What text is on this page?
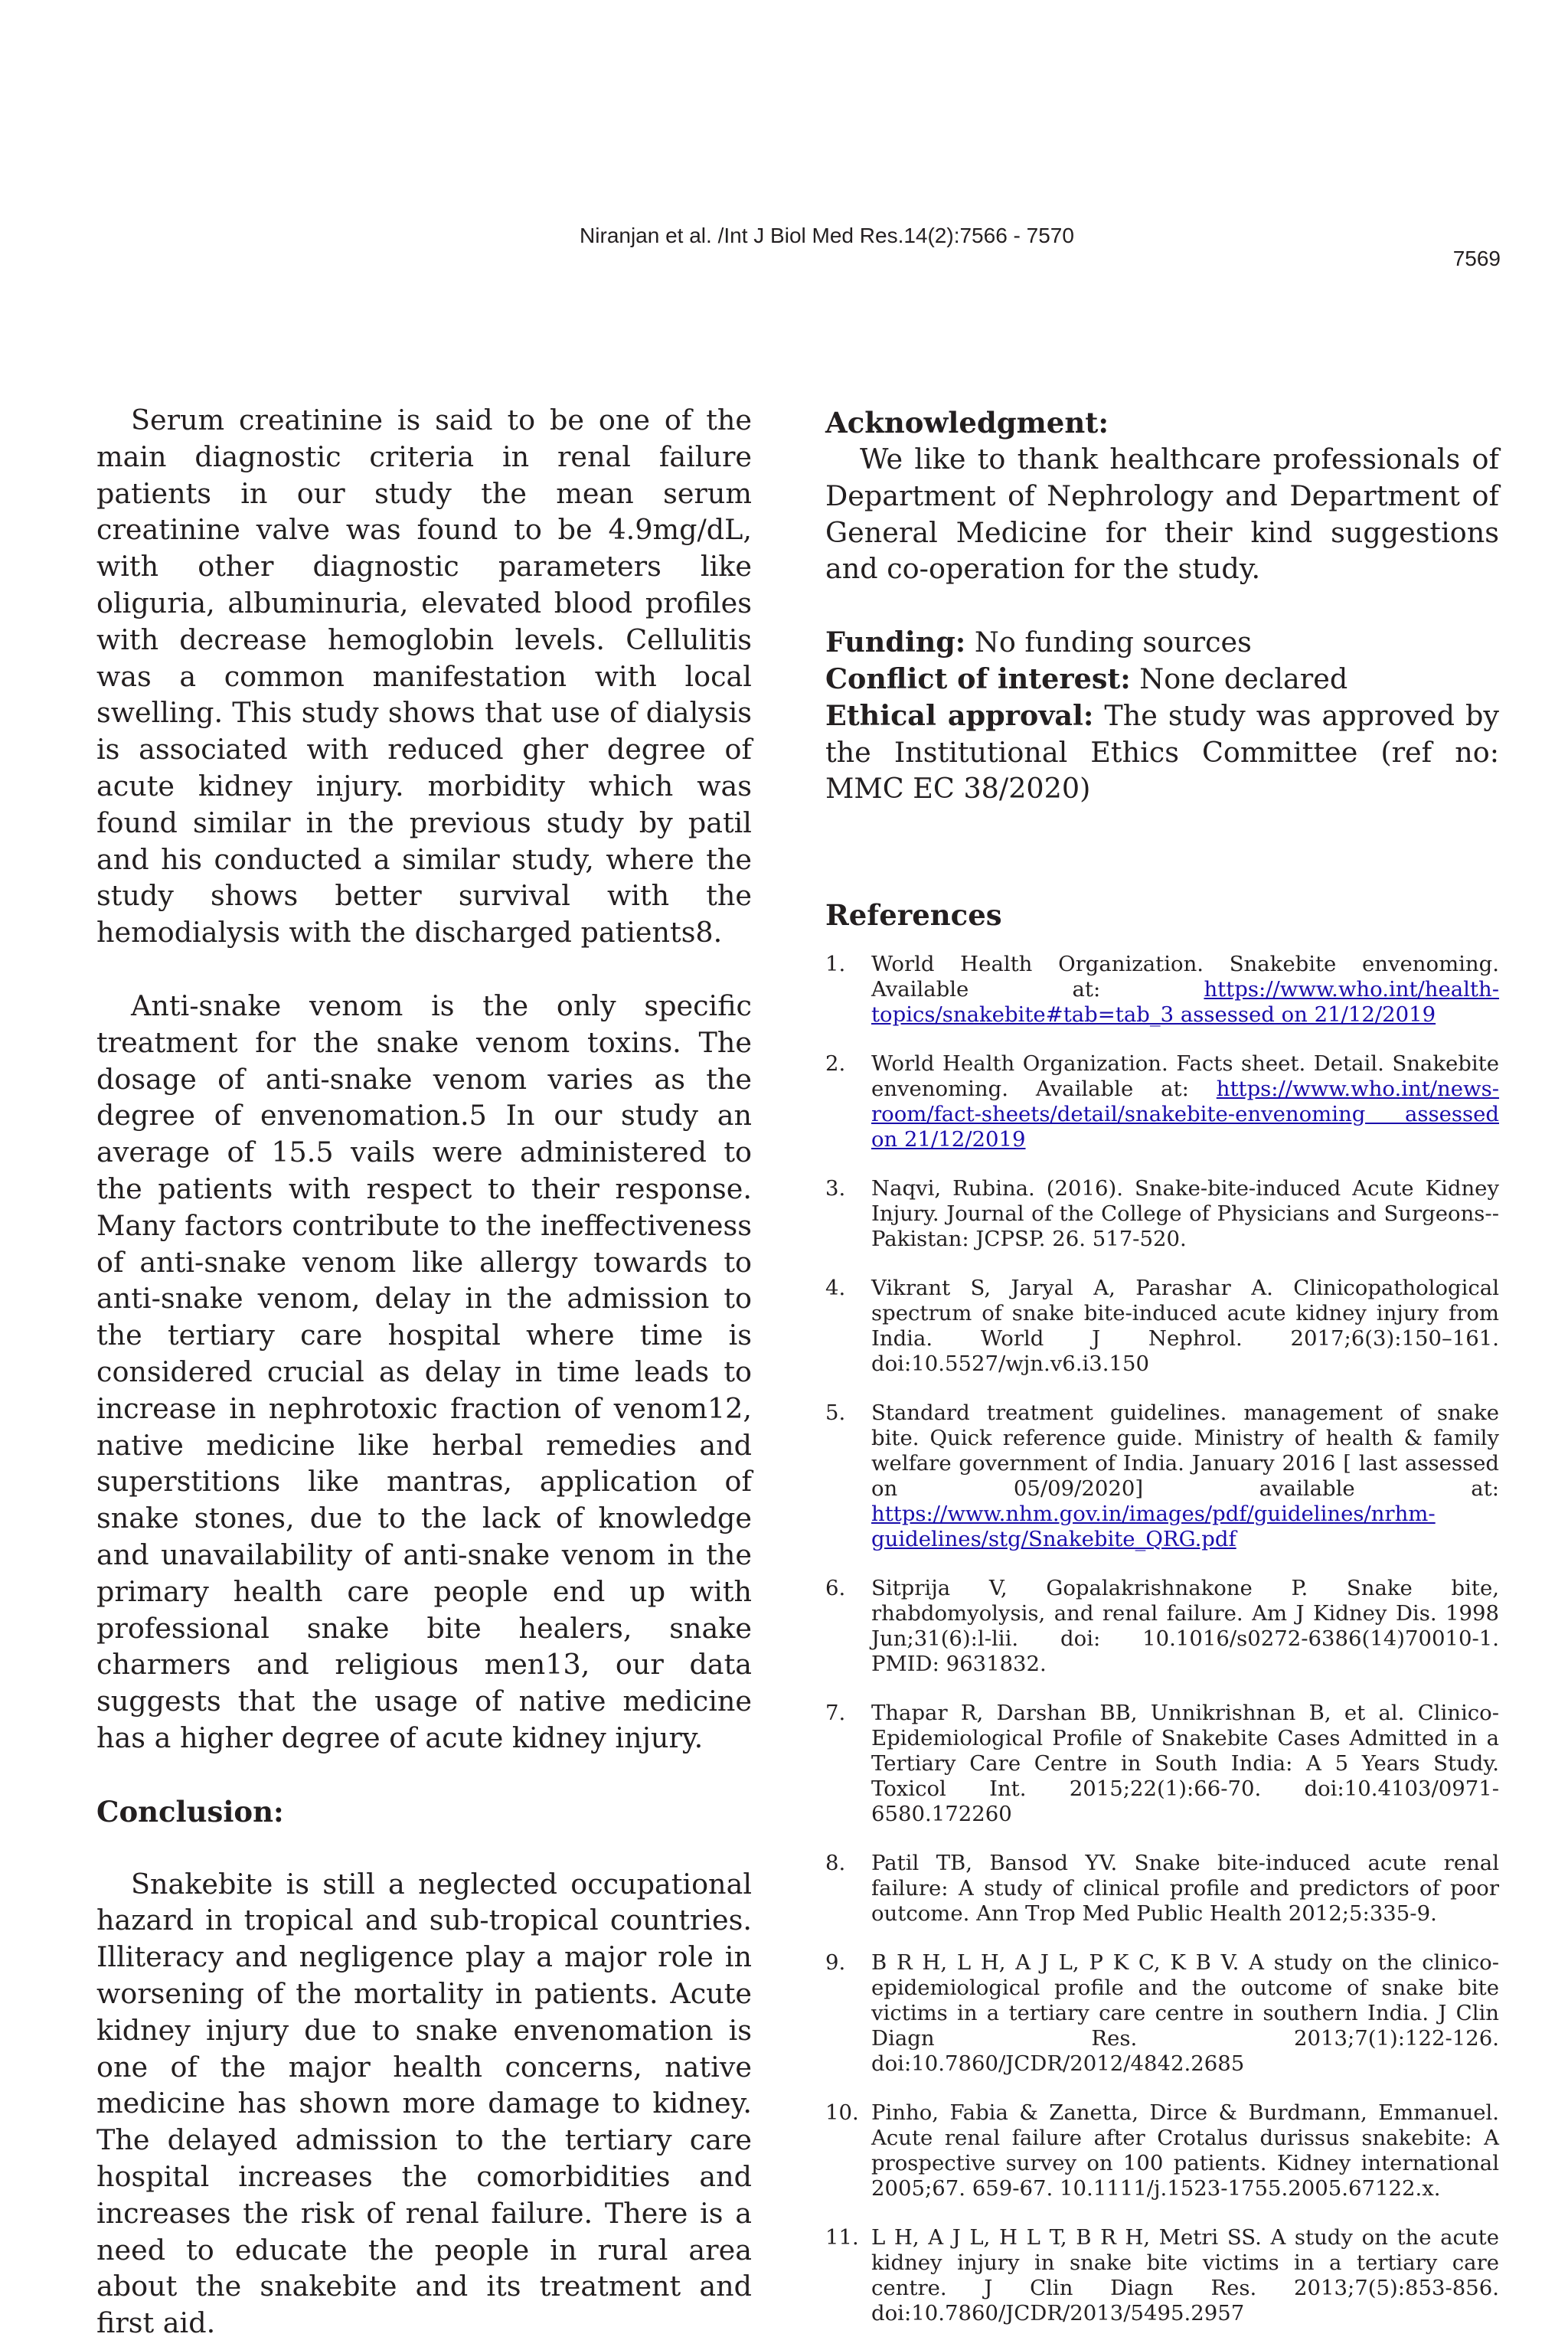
Niranjan et al. /Int J Biol Med Res.14(2):7566 - 7570
7569

Serum creatinine is said to be one of the main diagnostic criteria in renal failure patients in our study the mean serum creatinine valve was found to be 4.9mg/dL, with other diagnostic parameters like oliguria, albuminuria, elevated blood profiles with decrease hemoglobin levels. Cellulitis was a common manifestation with local swelling. This study shows that use of dialysis is associated with reduced gher degree of acute kidney injury. morbidity which was found similar in the previous study by patil and his conducted a similar study, where the study shows better survival with the hemodialysis with the discharged patients8.

Anti-snake venom is the only specific treatment for the snake venom toxins. The dosage of anti-snake venom varies as the degree of envenomation.5 In our study an average of 15.5 vails were administered to the patients with respect to their response. Many factors contribute to the ineffectiveness of anti-snake venom like allergy towards to anti-snake venom, delay in the admission to the tertiary care hospital where time is considered crucial as delay in time leads to increase in nephrotoxic fraction of venom12, native medicine like herbal remedies and superstitions like mantras, application of snake stones, due to the lack of knowledge and unavailability of anti-snake venom in the primary health care people end up with professional snake bite healers, snake charmers and religious men13, our data suggests that the usage of native medicine has a higher degree of acute kidney injury.

Conclusion:

Snakebite is still a neglected occupational hazard in tropical and sub-tropical countries. Illiteracy and negligence play a major role in worsening of the mortality in patients. Acute kidney injury due to snake envenomation is one of the major health concerns, native medicine has shown more damage to kidney. The delayed admission to the tertiary care hospital increases the comorbidities and increases the risk of renal failure. There is a need to educate the people in rural area about the snakebite and its treatment and first aid.

Acknowledgment:

We like to thank healthcare professionals of Department of Nephrology and Department of General Medicine for their kind suggestions and co-operation for the study.

Funding: No funding sources

Conflict of interest: None declared

Ethical approval: The study was approved by the Institutional Ethics Committee (ref no: MMC EC 38/2020)

References
1. World Health Organization. Snakebite envenoming. Available at: https://www.who.int/health-topics/snakebite#tab=tab_3 assessed on 21/12/2019
2. World Health Organization. Facts sheet. Detail. Snakebite envenoming. Available at: https://www.who.int/news-room/fact-sheets/detail/snakebite-envenoming assessed on 21/12/2019
3. Naqvi, Rubina. (2016). Snake-bite-induced Acute Kidney Injury. Journal of the College of Physicians and Surgeons--Pakistan: JCPSP. 26. 517-520.
4. Vikrant S, Jaryal A, Parashar A. Clinicopathological spectrum of snake bite-induced acute kidney injury from India. World J Nephrol. 2017;6(3):150–161. doi:10.5527/wjn.v6.i3.150
5. Standard treatment guidelines. management of snake bite. Quick reference guide. Ministry of health & family welfare government of India. January 2016 [ last assessed on 05/09/2020] available at: https://www.nhm.gov.in/images/pdf/guidelines/nrhm-guidelines/stg/Snakebite_QRG.pdf
6. Sitprija V, Gopalakrishnakone P. Snake bite, rhabdomyolysis, and renal failure. Am J Kidney Dis. 1998 Jun;31(6):l-lii. doi: 10.1016/s0272-6386(14)70010-1. PMID: 9631832.
7. Thapar R, Darshan BB, Unnikrishnan B, et al. Clinico-Epidemiological Profile of Snakebite Cases Admitted in a Tertiary Care Centre in South India: A 5 Years Study. Toxicol Int. 2015;22(1):66-70. doi:10.4103/0971-6580.172260
8. Patil TB, Bansod YV. Snake bite-induced acute renal failure: A study of clinical profile and predictors of poor outcome. Ann Trop Med Public Health 2012;5:335-9.
9. B R H, L H, A J L, P K C, K B V. A study on the clinico-epidemiological profile and the outcome of snake bite victims in a tertiary care centre in southern India. J Clin Diagn Res. 2013;7(1):122-126. doi:10.7860/JCDR/2012/4842.2685
10. Pinho, Fabia & Zanetta, Dirce & Burdmann, Emmanuel. Acute renal failure after Crotalus durissus snakebite: A prospective survey on 100 patients. Kidney international 2005;67. 659-67. 10.1111/j.1523-1755.2005.67122.x.
11. L H, A J L, H L T, B R H, Metri SS. A study on the acute kidney injury in snake bite victims in a tertiary care centre. J Clin Diagn Res. 2013;7(5):853-856. doi:10.7860/JCDR/2013/5495.2957
